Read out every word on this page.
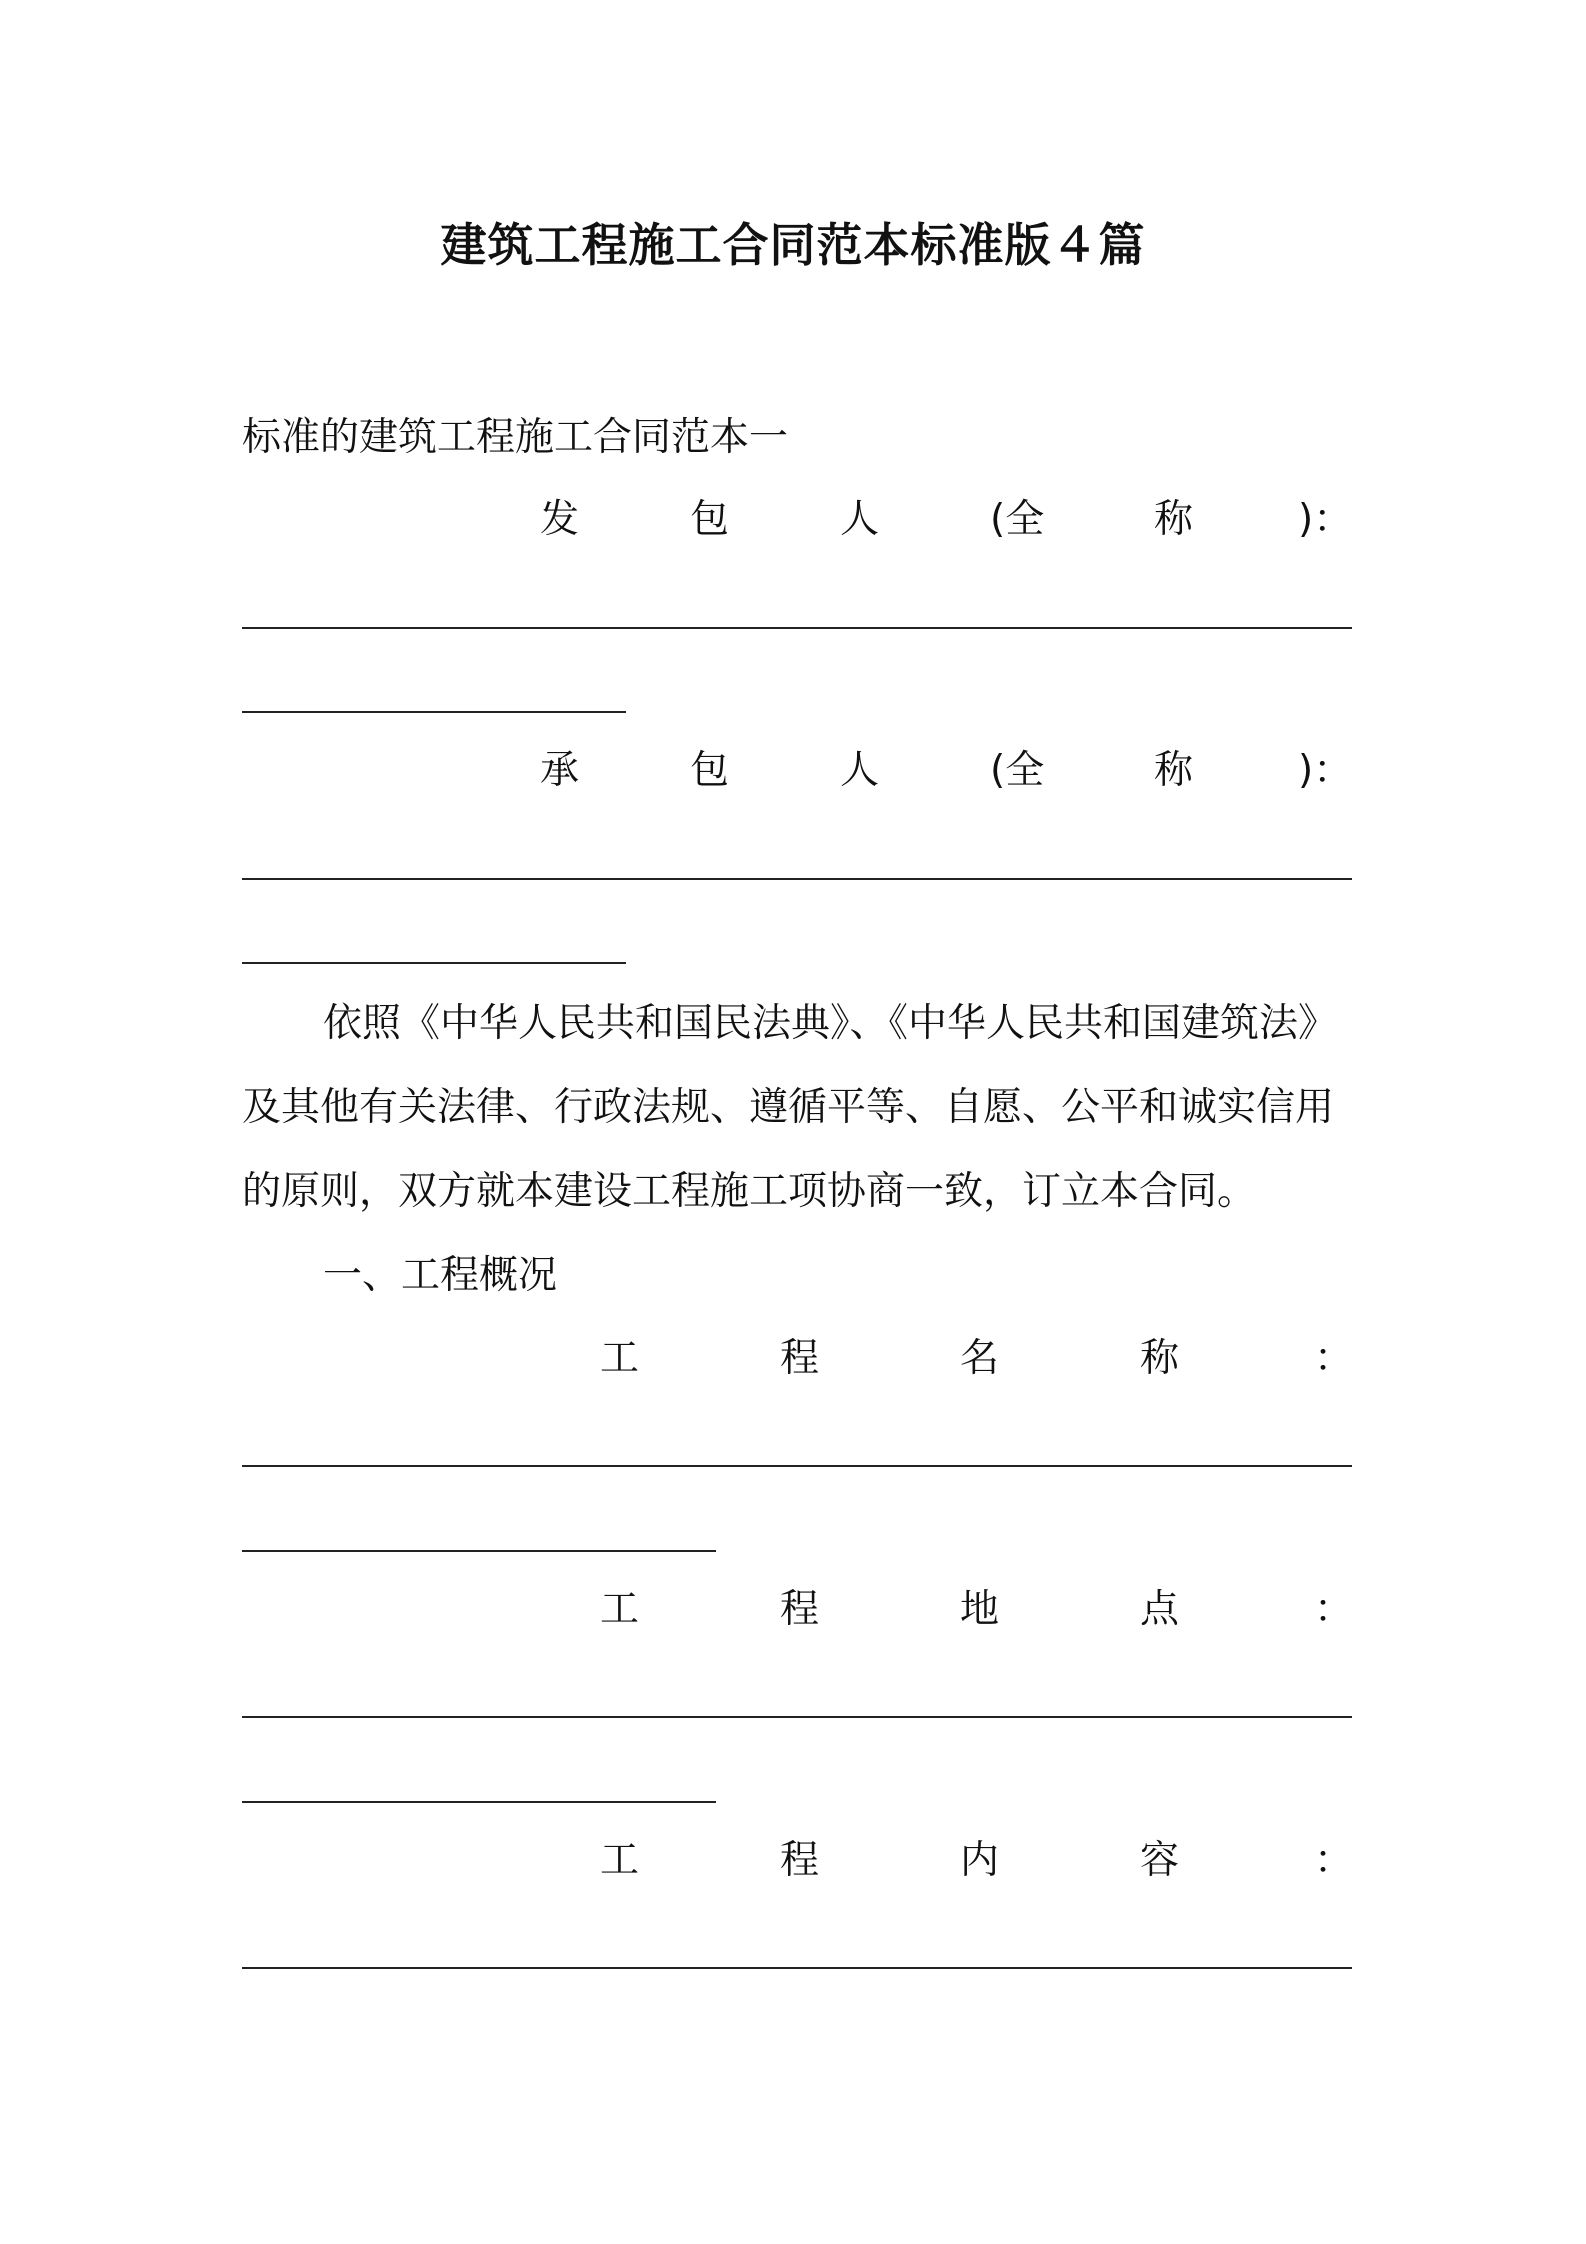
建筑工程施工合同范本标准版４篇
标准的建筑工程施工合同范本一
发	包	人	(全	称	)：
承	包	人	(全	称	)：
依照《中华人民共和国民法典》、《中华人民共和国建筑法》
及其他有关法律、行政法规、遵循平等、自愿、公平和诚实信用
的原则，双方就本建设工程施工项协商一致，订立本合同。
一、工程概况
工	程	名	称	：
工	程	地	点	：
工	程	内	容	：
